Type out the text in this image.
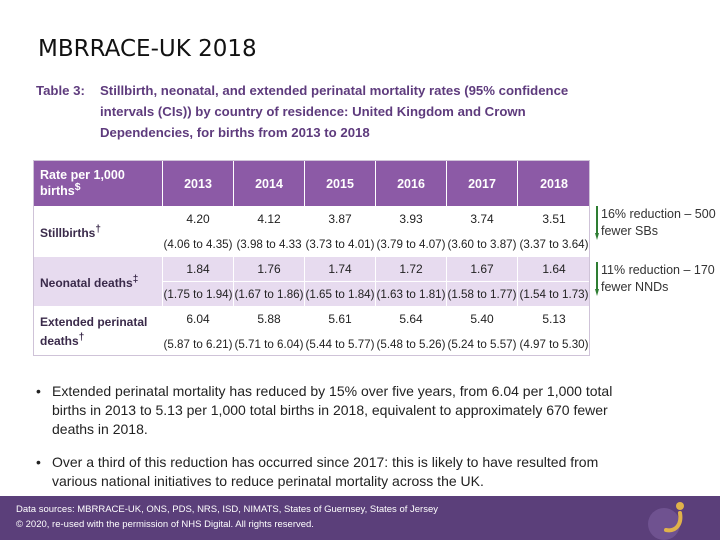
MBRRACE-UK 2018
Table 3: Stillbirth, neonatal, and extended perinatal mortality rates (95% confidence intervals (CIs)) by country of residence: United Kingdom and Crown Dependencies, for births from 2013 to 2018
Rate per 1,000 births$	2013	2014	2015	2016	2017	2018
Stillbirths†	4.20	4.12	3.87	3.93	3.74	3.51
	(4.06 to 4.35)	(3.98 to 4.33	(3.73 to 4.01)	(3.79 to 4.07)	(3.60 to 3.87)	(3.37 to 3.64)
Neonatal deaths‡	1.84	1.76	1.74	1.72	1.67	1.64
	(1.75 to 1.94)	(1.67 to 1.86)	(1.65 to 1.84)	(1.63 to 1.81)	(1.58 to 1.77)	(1.54 to 1.73)
Extended perinatal deaths†	6.04	5.88	5.61	5.64	5.40	5.13
	(5.87 to 6.21)	(5.71 to 6.04)	(5.44 to 5.77)	(5.48 to 5.26)	(5.24 to 5.57)	(4.97 to 5.30)
16% reduction – 500 fewer SBs
11% reduction – 170 fewer NNDs
• Extended perinatal mortality has reduced by 15% over five years, from 6.04 per 1,000 total births in 2013 to 5.13 per 1,000 total births in 2018, equivalent to approximately 670 fewer deaths in 2018.
• Over a third of this reduction has occurred since 2017: this is likely to have resulted from various national initiatives to reduce perinatal mortality across the UK.
Data sources: MBRRACE-UK, ONS, PDS, NRS, ISD, NIMATS, States of Guernsey, States of Jersey
© 2020, re-used with the permission of NHS Digital. All rights reserved.
